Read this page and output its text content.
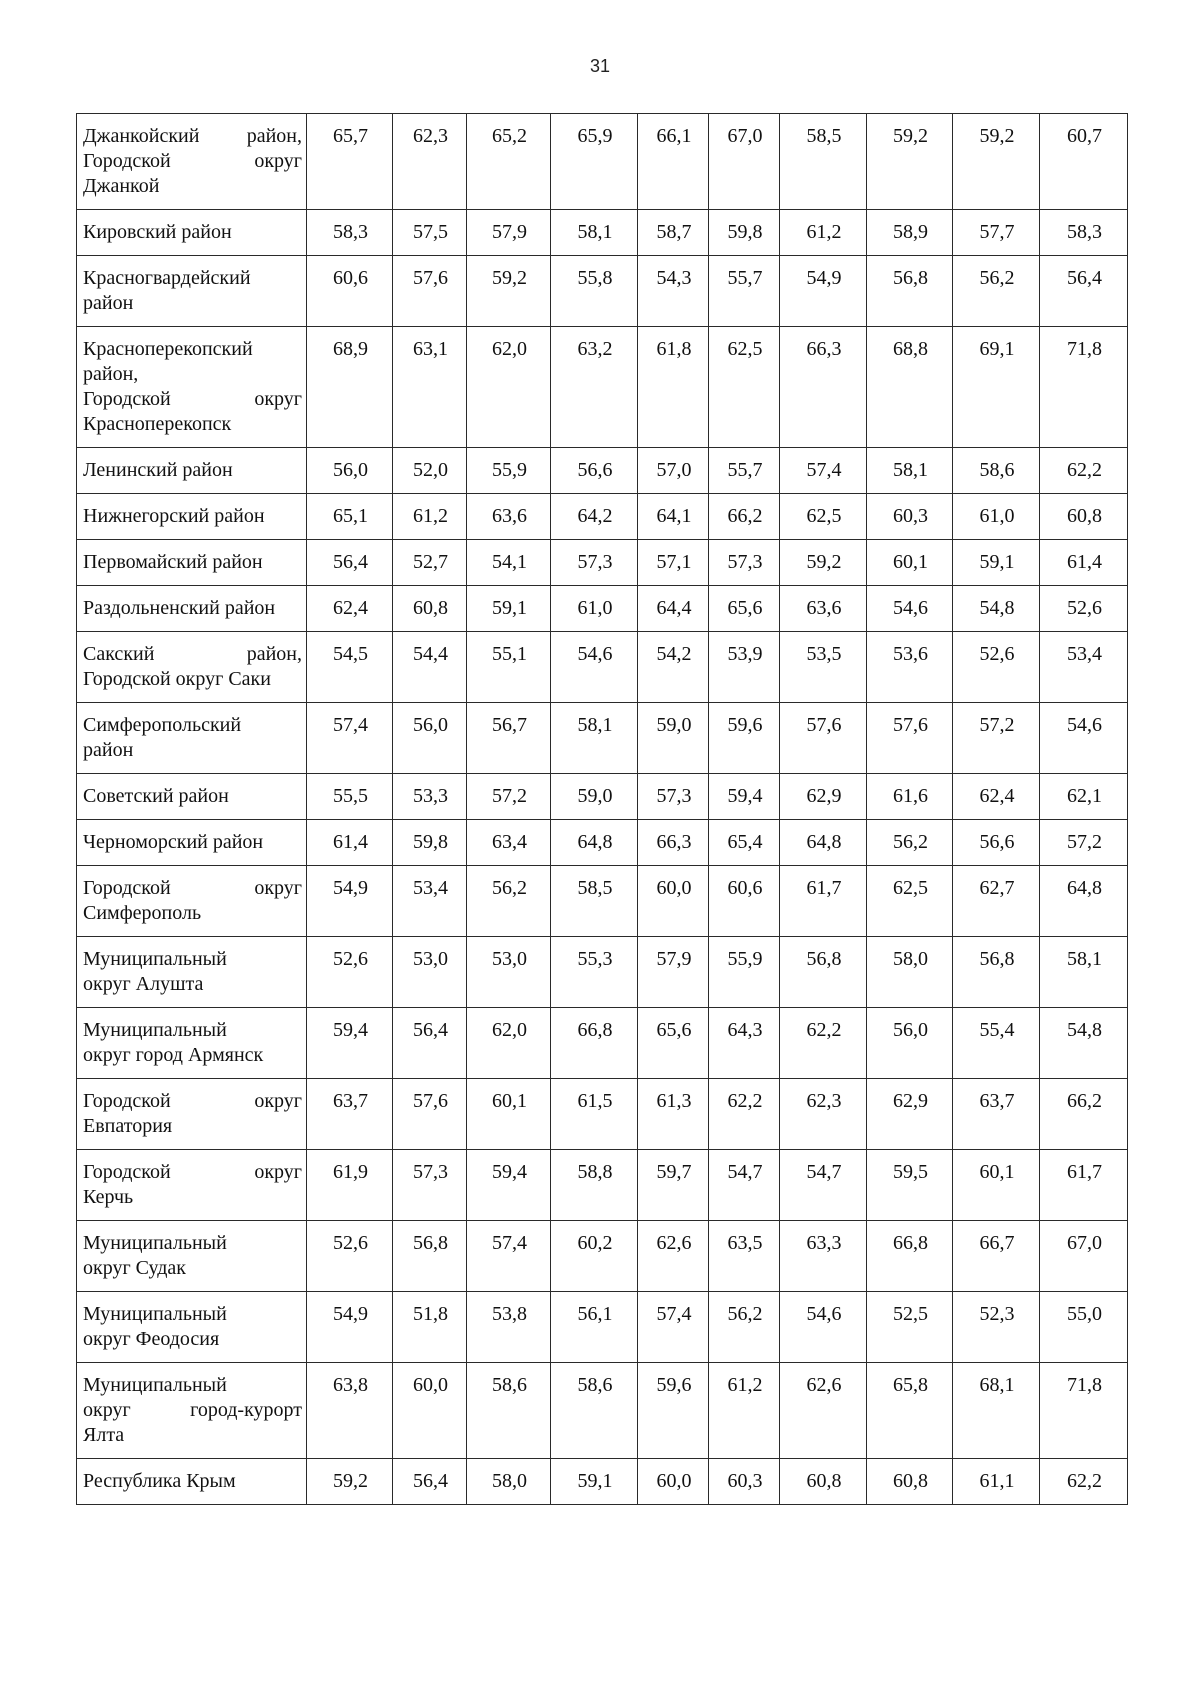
31
Джанкойский район,
Городской округ
Джанкой	65,7	62,3	65,2	65,9	66,1	67,0	58,5	59,2	59,2	60,7

Кировский район	58,3	57,5	57,9	58,1	58,7	59,8	61,2	58,9	57,7	58,3

Красногвардейский
район	60,6	57,6	59,2	55,8	54,3	55,7	54,9	56,8	56,2	56,4

Красноперекопский
район,
Городской округ
Красноперекопск	68,9	63,1	62,0	63,2	61,8	62,5	66,3	68,8	69,1	71,8

Ленинский район	56,0	52,0	55,9	56,6	57,0	55,7	57,4	58,1	58,6	62,2

Нижнегорский район	65,1	61,2	63,6	64,2	64,1	66,2	62,5	60,3	61,0	60,8

Первомайский район	56,4	52,7	54,1	57,3	57,1	57,3	59,2	60,1	59,1	61,4

Раздольненский район	62,4	60,8	59,1	61,0	64,4	65,6	63,6	54,6	54,8	52,6

Сакский район,
Городской округ Саки	54,5	54,4	55,1	54,6	54,2	53,9	53,5	53,6	52,6	53,4

Симферопольский
район	57,4	56,0	56,7	58,1	59,0	59,6	57,6	57,6	57,2	54,6

Советский район	55,5	53,3	57,2	59,0	57,3	59,4	62,9	61,6	62,4	62,1

Черноморский район	61,4	59,8	63,4	64,8	66,3	65,4	64,8	56,2	56,6	57,2

Городской округ
Симферополь	54,9	53,4	56,2	58,5	60,0	60,6	61,7	62,5	62,7	64,8

Муниципальный
округ Алушта	52,6	53,0	53,0	55,3	57,9	55,9	56,8	58,0	56,8	58,1

Муниципальный
округ город Армянск	59,4	56,4	62,0	66,8	65,6	64,3	62,2	56,0	55,4	54,8

Городской округ
Евпатория	63,7	57,6	60,1	61,5	61,3	62,2	62,3	62,9	63,7	66,2

Городской округ
Керчь	61,9	57,3	59,4	58,8	59,7	54,7	54,7	59,5	60,1	61,7

Муниципальный
округ Судак	52,6	56,8	57,4	60,2	62,6	63,5	63,3	66,8	66,7	67,0

Муниципальный
округ Феодосия	54,9	51,8	53,8	56,1	57,4	56,2	54,6	52,5	52,3	55,0

Муниципальный
округ город-курорт
Ялта	63,8	60,0	58,6	58,6	59,6	61,2	62,6	65,8	68,1	71,8

Республика Крым	59,2	56,4	58,0	59,1	60,0	60,3	60,8	60,8	61,1	62,2
